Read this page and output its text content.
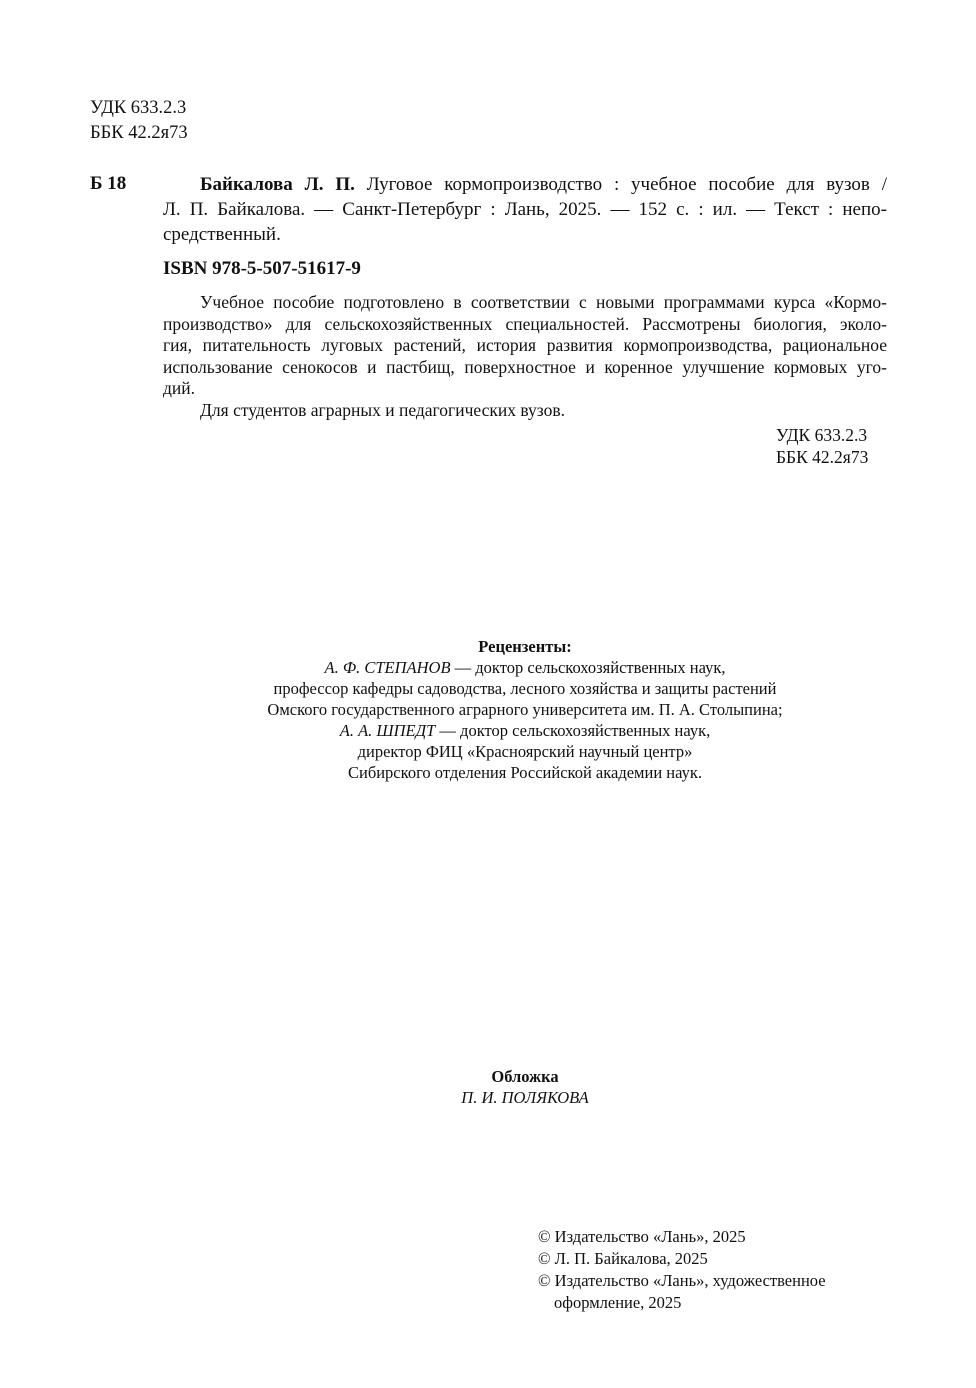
УДК 633.2.3
ББК 42.2я73
Б 18	Байкалова Л. П. Луговое кормопроизводство : учебное пособие для вузов /
Л. П. Байкалова. — Санкт-Петербург : Лань, 2025. — 152 с. : ил. — Текст : непо-
средственный.
ISBN 978-5-507-51617-9
Учебное пособие подготовлено в соответствии с новыми программами курса «Кормо-
производство» для сельскохозяйственных специальностей. Рассмотрены биология, эколо-
гия, питательность луговых растений, история развития кормопроизводства, рациональное
использование сенокосов и пастбищ, поверхностное и коренное улучшение кормовых уго-
дий.
Для студентов аграрных и педагогических вузов.
УДК 633.2.3
ББК 42.2я73
Рецензенты:
А. Ф. СТЕПАНОВ — доктор сельскохозяйственных наук,
профессор кафедры садоводства, лесного хозяйства и защиты растений
Омского государственного аграрного университета им. П. А. Столыпина;
А. А. ШПЕДТ — доктор сельскохозяйственных наук,
директор ФИЦ «Красноярский научный центр»
Сибирского отделения Российской академии наук.
Обложка
П. И. ПОЛЯКОВА
© Издательство «Лань», 2025
© Л. П. Байкалова, 2025
© Издательство «Лань», художественное
оформление, 2025
